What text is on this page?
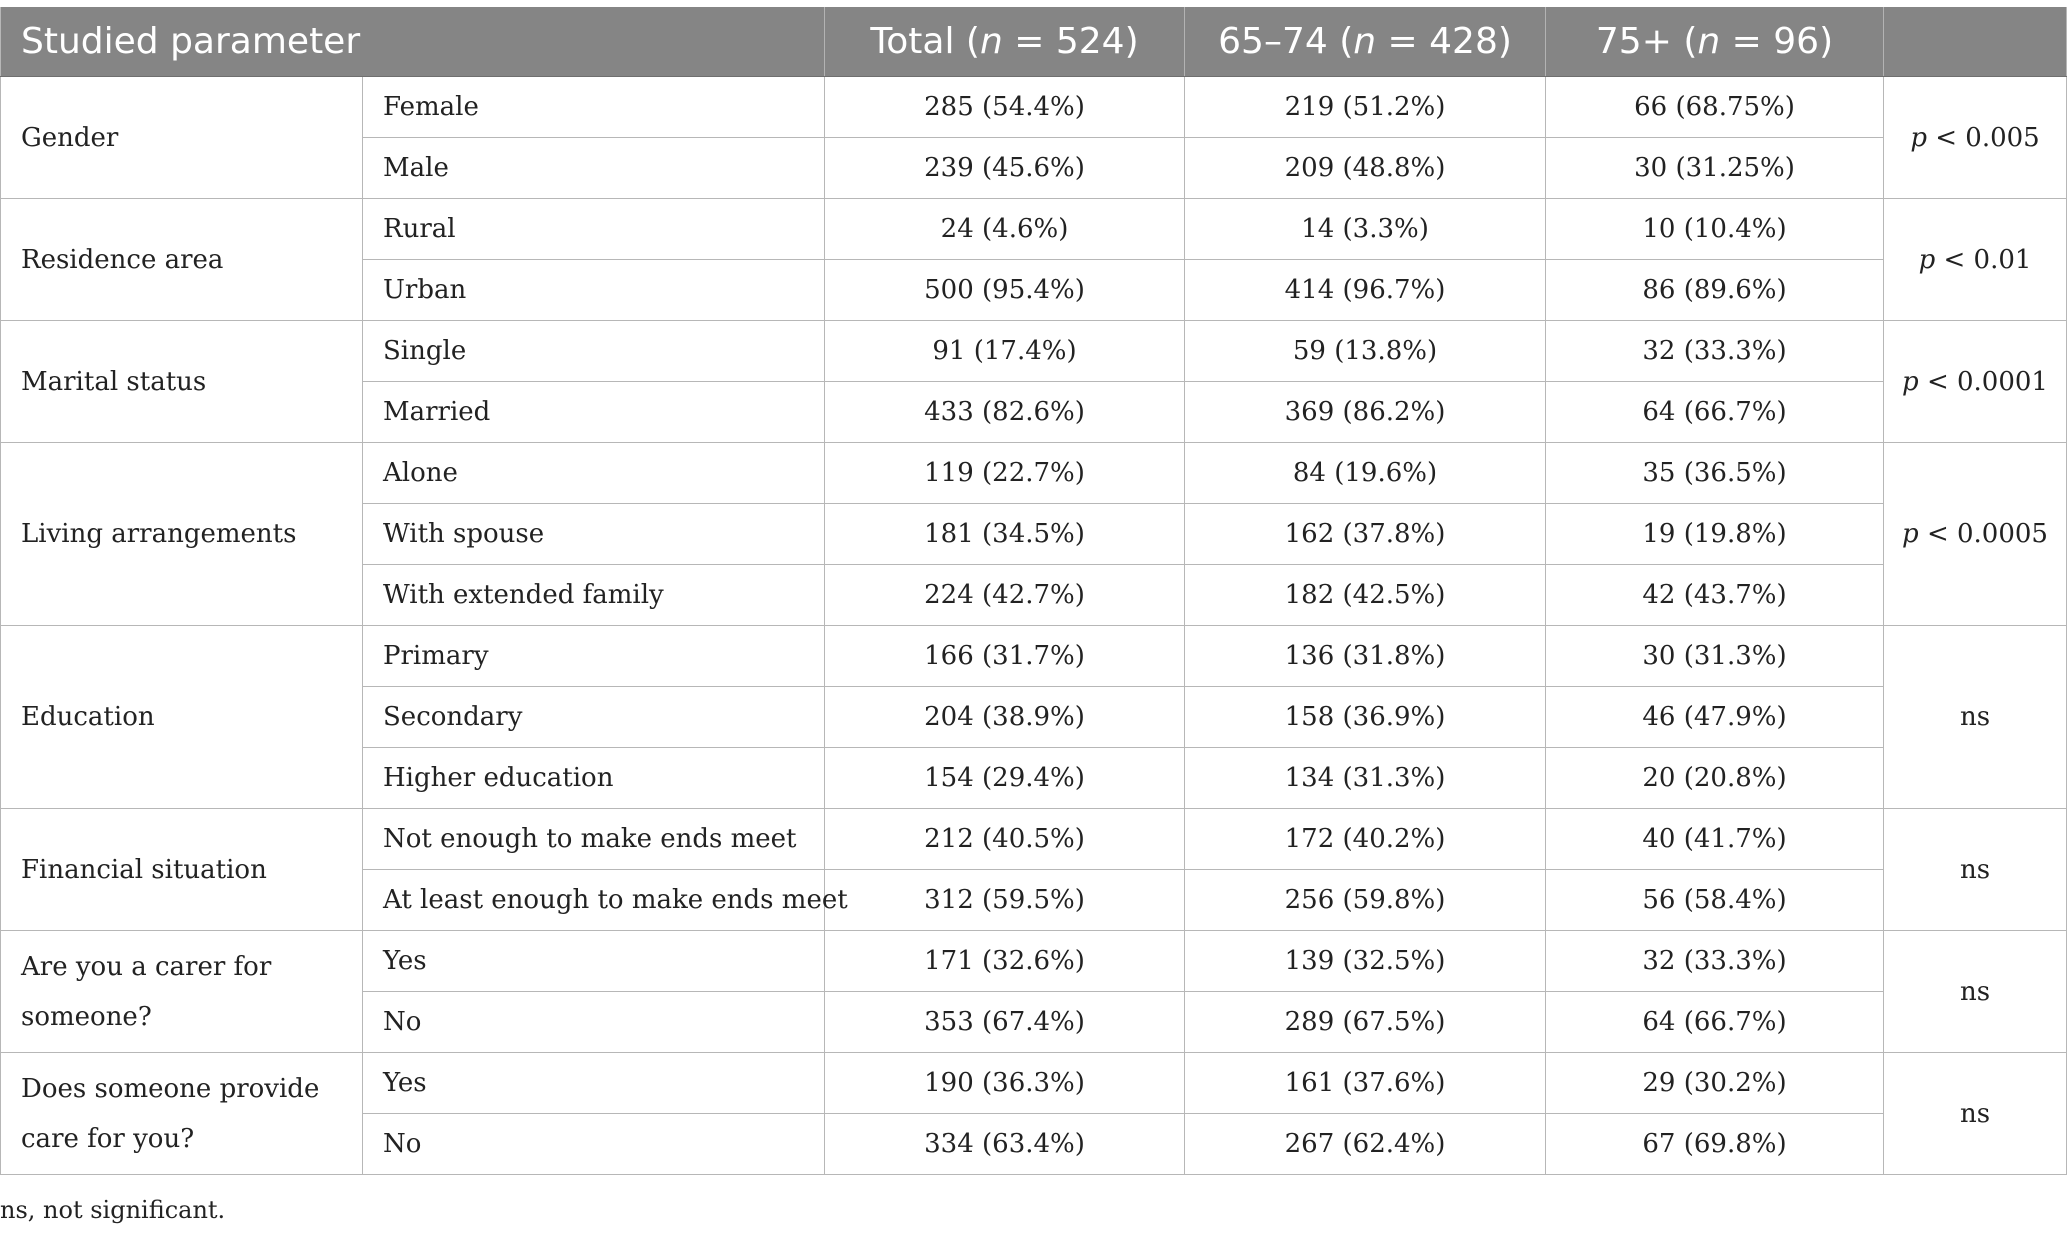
Studied parameter		Total (n = 524)	65–74 (n = 428)	75+ (n = 96)	
Gender	Female	285 (54.4%)	219 (51.2%)	66 (68.75%)	p < 0.005
	Male	239 (45.6%)	209 (48.8%)	30 (31.25%)	
Residence area	Rural	24 (4.6%)	14 (3.3%)	10 (10.4%)	p < 0.01
	Urban	500 (95.4%)	414 (96.7%)	86 (89.6%)	
Marital status	Single	91 (17.4%)	59 (13.8%)	32 (33.3%)	p < 0.0001
	Married	433 (82.6%)	369 (86.2%)	64 (66.7%)	
Living arrangements	Alone	119 (22.7%)	84 (19.6%)	35 (36.5%)	p < 0.0005
	With spouse	181 (34.5%)	162 (37.8%)	19 (19.8%)	
	With extended family	224 (42.7%)	182 (42.5%)	42 (43.7%)	
Education	Primary	166 (31.7%)	136 (31.8%)	30 (31.3%)	ns
	Secondary	204 (38.9%)	158 (36.9%)	46 (47.9%)	
	Higher education	154 (29.4%)	134 (31.3%)	20 (20.8%)	
Financial situation	Not enough to make ends meet	212 (40.5%)	172 (40.2%)	40 (41.7%)	ns
	At least enough to make ends meet	312 (59.5%)	256 (59.8%)	56 (58.4%)	
Are you a carer for someone?	Yes	171 (32.6%)	139 (32.5%)	32 (33.3%)	ns
	No	353 (67.4%)	289 (67.5%)	64 (66.7%)	
Does someone provide care for you?	Yes	190 (36.3%)	161 (37.6%)	29 (30.2%)	ns
	No	334 (63.4%)	267 (62.4%)	67 (69.8%)	
ns, not significant.
